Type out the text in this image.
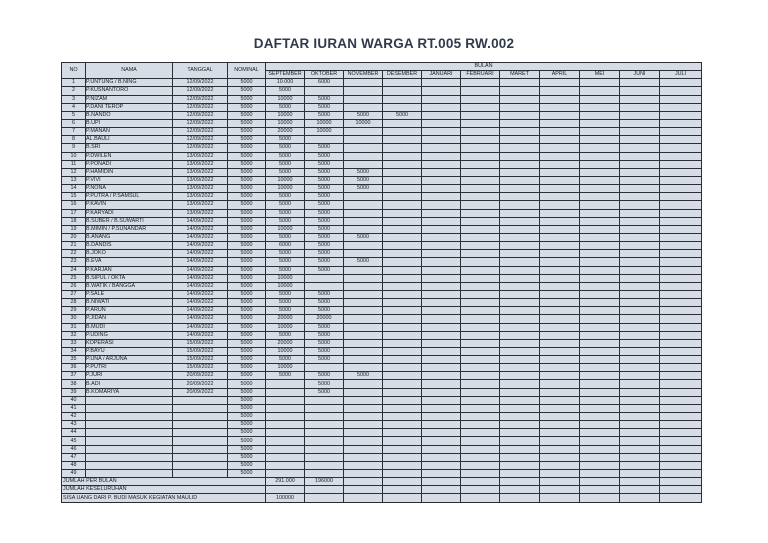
DAFTAR IURAN WARGA RT.005 RW.002
NO	NAMA	TANGGAL	NOMINAL	BULAN										
				SEPTEMBER	OKTOBER	NOVEMBER	DESEMBER	JANUARI	FEBRUARI	MARET	APRIL	MEI	JUNI	JULI
1	P.UNTUNG / B.NING	12/09/2022	5000	10.000	6000									
2	P.KUSNANTORO	12/09/2022	5000	5000										
3	P.NIZAM	12/09/2022	5000	10000	5000									
4	P.DANI TEROP	12/09/2022	5000	5000	5000									
5	B.NANDO	12/09/2022	5000	10000	5000	5000	5000							
6	B.UPI	12/09/2022	5000	10000	10000	10000								
7	P.MANAN	12/09/2022	5000	20000	10000									
8	AL.BAULI	12/09/2022	5000	5000										
9	B.SRI	12/09/2022	5000	5000	5000									
10	P.DWILEN	13/09/2022	5000	5000	5000									
11	P.PONADI	13/09/2022	5000	5000	5000									
12	P.HAMIDIN	13/09/2022	5000	5000	5000	5000								
13	P.VIVI	13/09/2022	5000	10000	5000	5000								
14	P.NONA	13/09/2022	5000	10000	5000	5000								
15	P.PUTRA / P.SAMSUL	13/09/2022	5000	5000	5000									
16	P.KAVIN	13/09/2022	5000	5000	5000									
17	P.KARYADI	13/09/2022	5000	5000	5000									
18	B.SUBER / B.SUWARTI	14/09/2022	5000	5000	5000									
19	B.MIMIN / P.SUNANDAR	14/09/2022	5000	10000	5000									
20	B.ANANG	14/09/2022	5000	5000	5000	5000								
21	B.DANDIS	14/09/2022	5000	6000	5000									
22	B.JOKO	14/09/2022	5000	5000	5000									
23	B.EVA	14/09/2022	5000	5000	5000	5000								
24	P.KARJAN	14/09/2022	5000	5000	5000									
25	B.SIPUL / OKTA	14/09/2022	5000	10000										
26	B.WATIK / BANGGA	14/09/2022	5000	10000										
27	P.SALE	14/09/2022	5000	5000	5000									
28	B.NIWATI	14/09/2022	5000	5000	5000									
29	P.ARUN	14/09/2022	5000	5000	5000									
30	P.JIDAN	14/09/2022	5000	20000	20000									
31	B.MUDI	14/09/2022	5000	10000	5000									
32	P.UDING	14/09/2022	5000	5000	5000									
33	KOPERASI	15/09/2022	5000	20000	5000									
34	P.BAYU	15/09/2022	5000	10000	5000									
35	P.UNA / ARJUNA	15/09/2022	5000	5000	5000									
36	P.PUTRI	15/09/2022	5000	10000										
37	P.JURI	20/09/2022	5000	5000	5000	5000								
38	B.ADI	20/09/2022	5000		5000									
39	B.KOMARIYA	20/09/2022	5000		5000									
40			5000											
41			5000											
42			5000											
43			5000											
44			5000											
45			5000											
46			5000											
47			5000											
48			5000											
49			5000											
JUMLAH PER BULAN				291.000	196000									
JUMLAH KESELURUHAN														
SISA UANG DARI P. BUDI MASUK KEGIATAN MAULID				100000										
